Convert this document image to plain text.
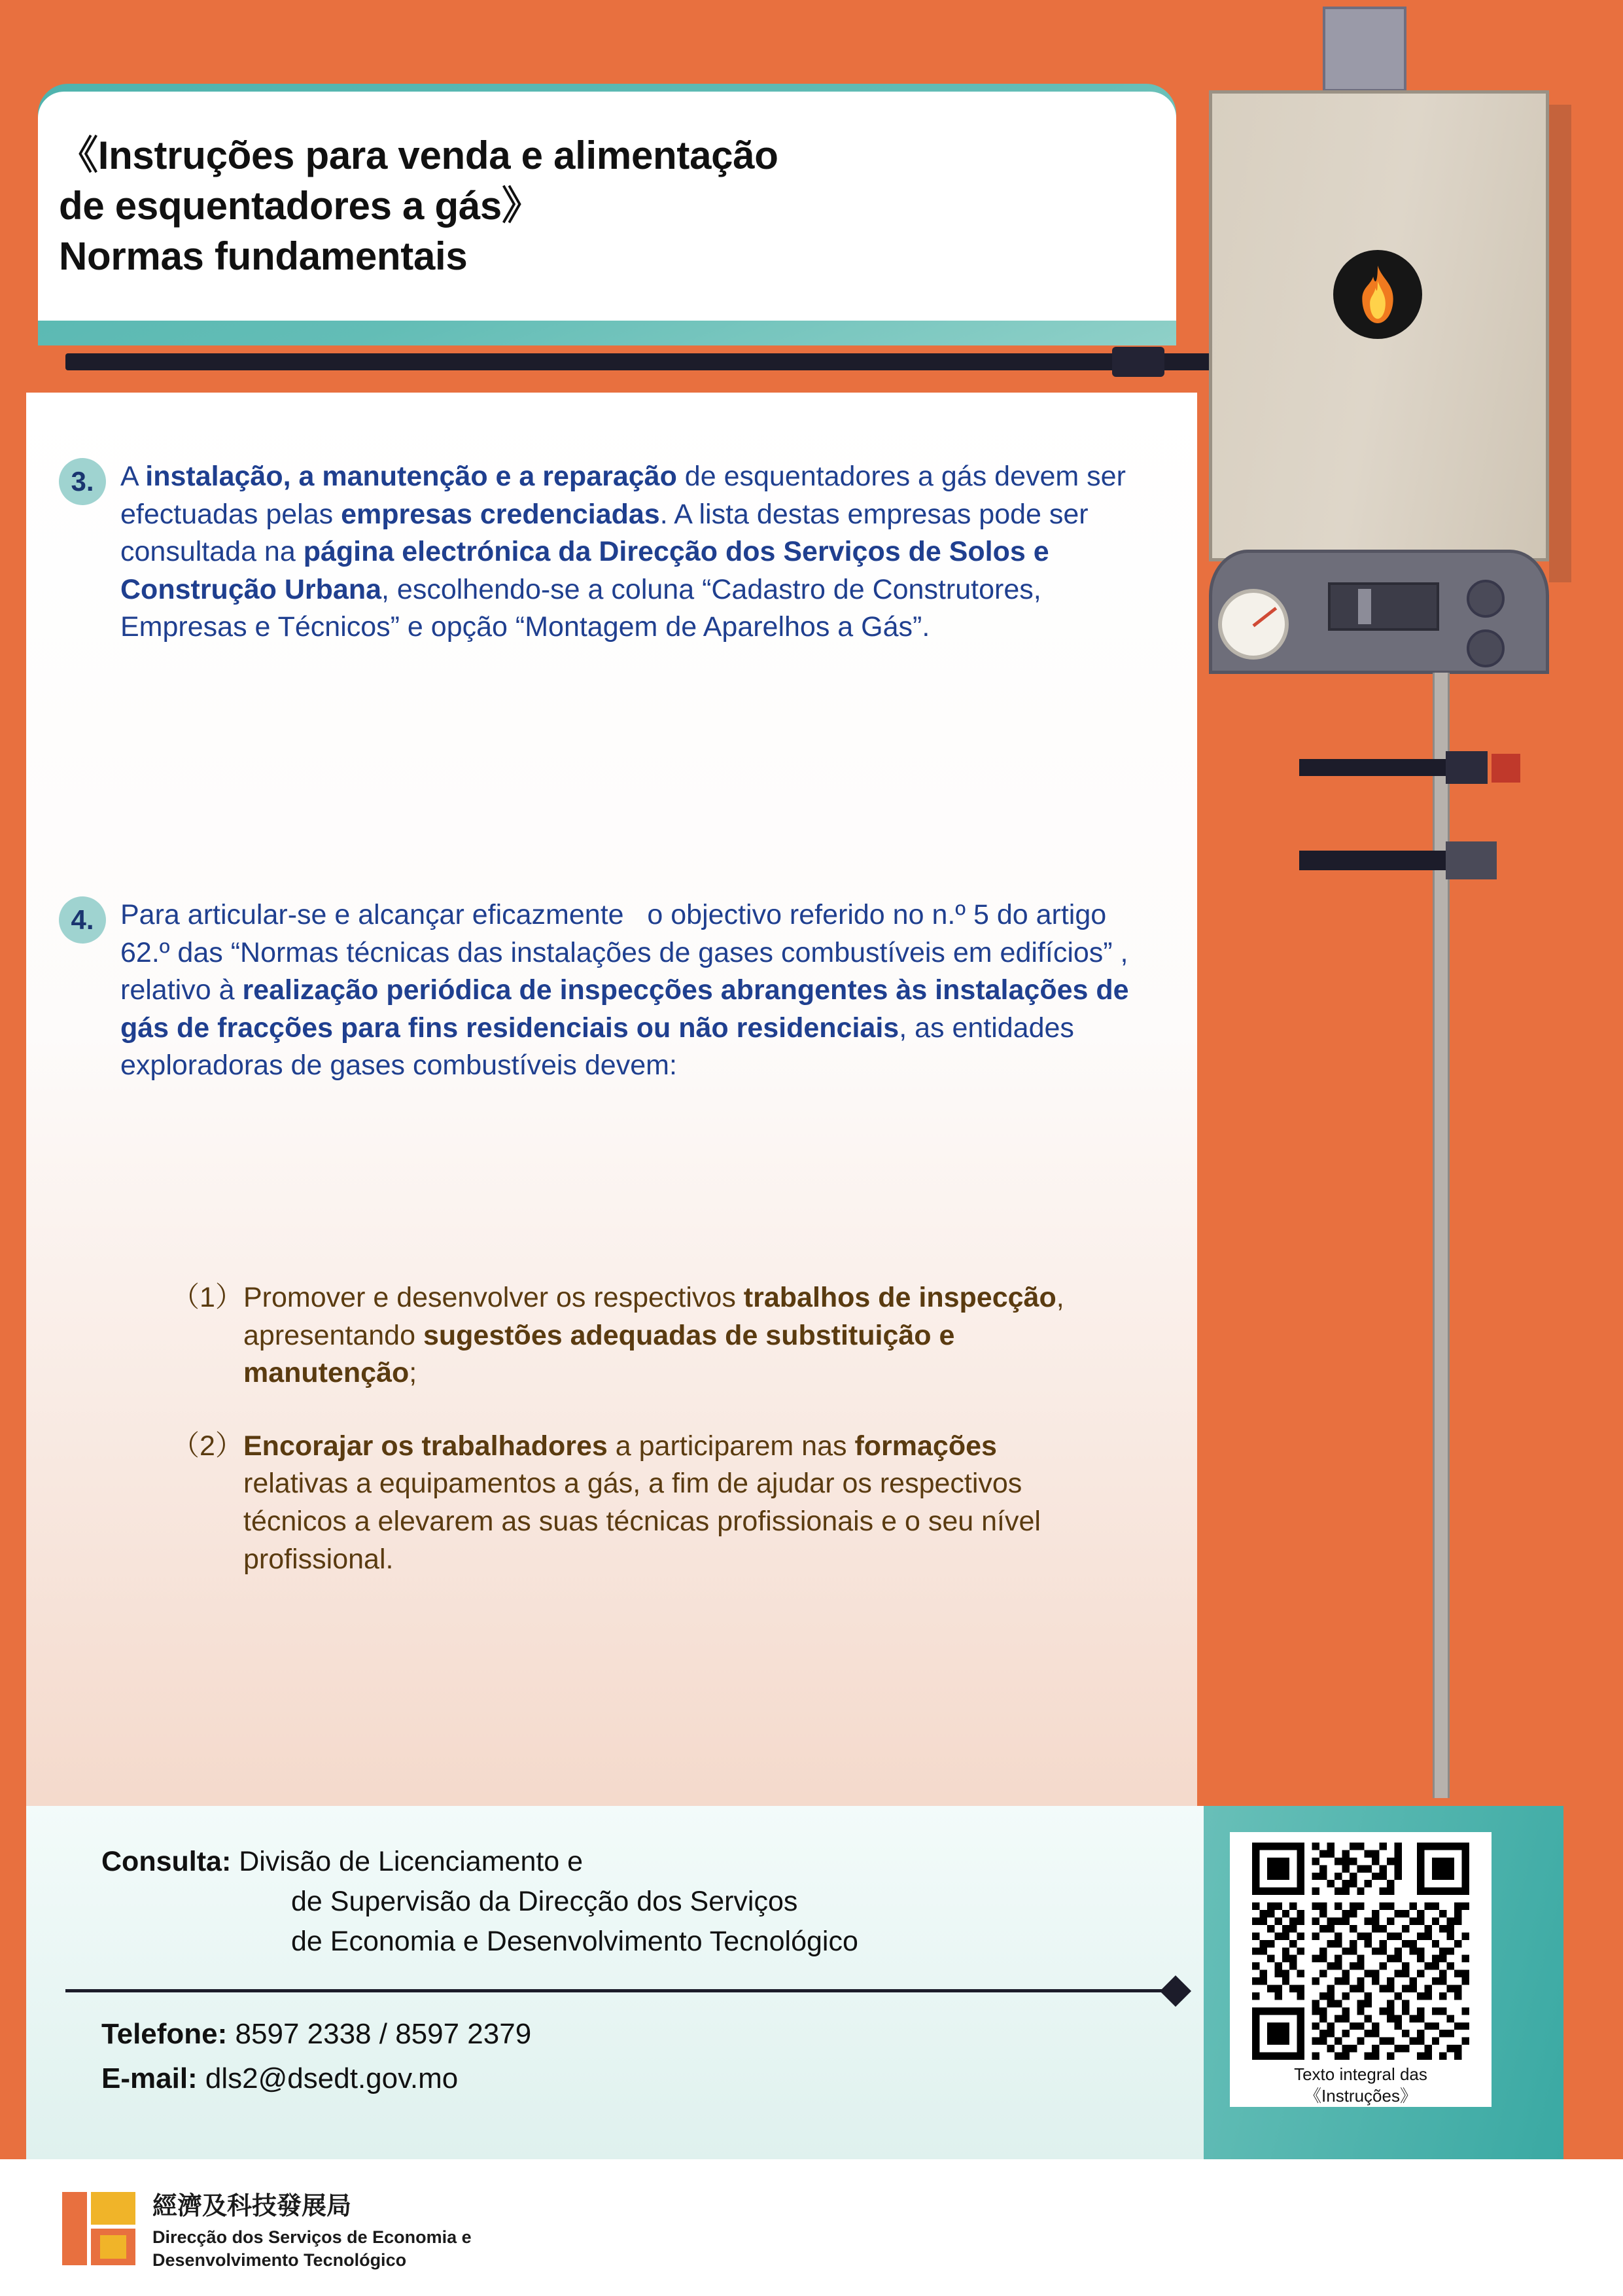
《Instruções para venda e alimentação
de esquentadores a gás》
Normas fundamentais
3. A instalação, a manutenção e a reparação de esquentadores a gás devem ser efectuadas pelas empresas credenciadas. A lista destas empresas pode ser consultada na página electrónica da Direcção dos Serviços de Solos e Construção Urbana, escolhendo-se a coluna “Cadastro de Construtores, Empresas e Técnicos” e opção “Montagem de Aparelhos a Gás”.
4. Para articular-se e alcançar eficazmente   o objectivo referido no n.º 5 do artigo 62.º das “Normas técnicas das instalações de gases combustíveis em edifícios” , relativo à realização periódica de inspecções abrangentes às instalações de gás de fracções para fins residenciais ou não residenciais, as entidades exploradoras de gases combustíveis devem:
（1） Promover e desenvolver os respectivos trabalhos de inspecção, apresentando sugestões adequadas de substituição e manutenção;
（2） Encorajar os trabalhadores a participarem nas formações relativas a equipamentos a gás, a fim de ajudar os respectivos técnicos a elevarem as suas técnicas profissionais e o seu nível profissional.
Consulta: Divisão de Licenciamento e
de Supervisão da Direcção dos Serviços
de Economia e Desenvolvimento Tecnológico
Telefone: 8597 2338 / 8597 2379
E-mail: dls2@dsedt.gov.mo	Texto integral das
《Instruções》
經濟及科技發展局
Direcção dos Serviços de Economia e
Desenvolvimento Tecnológico
